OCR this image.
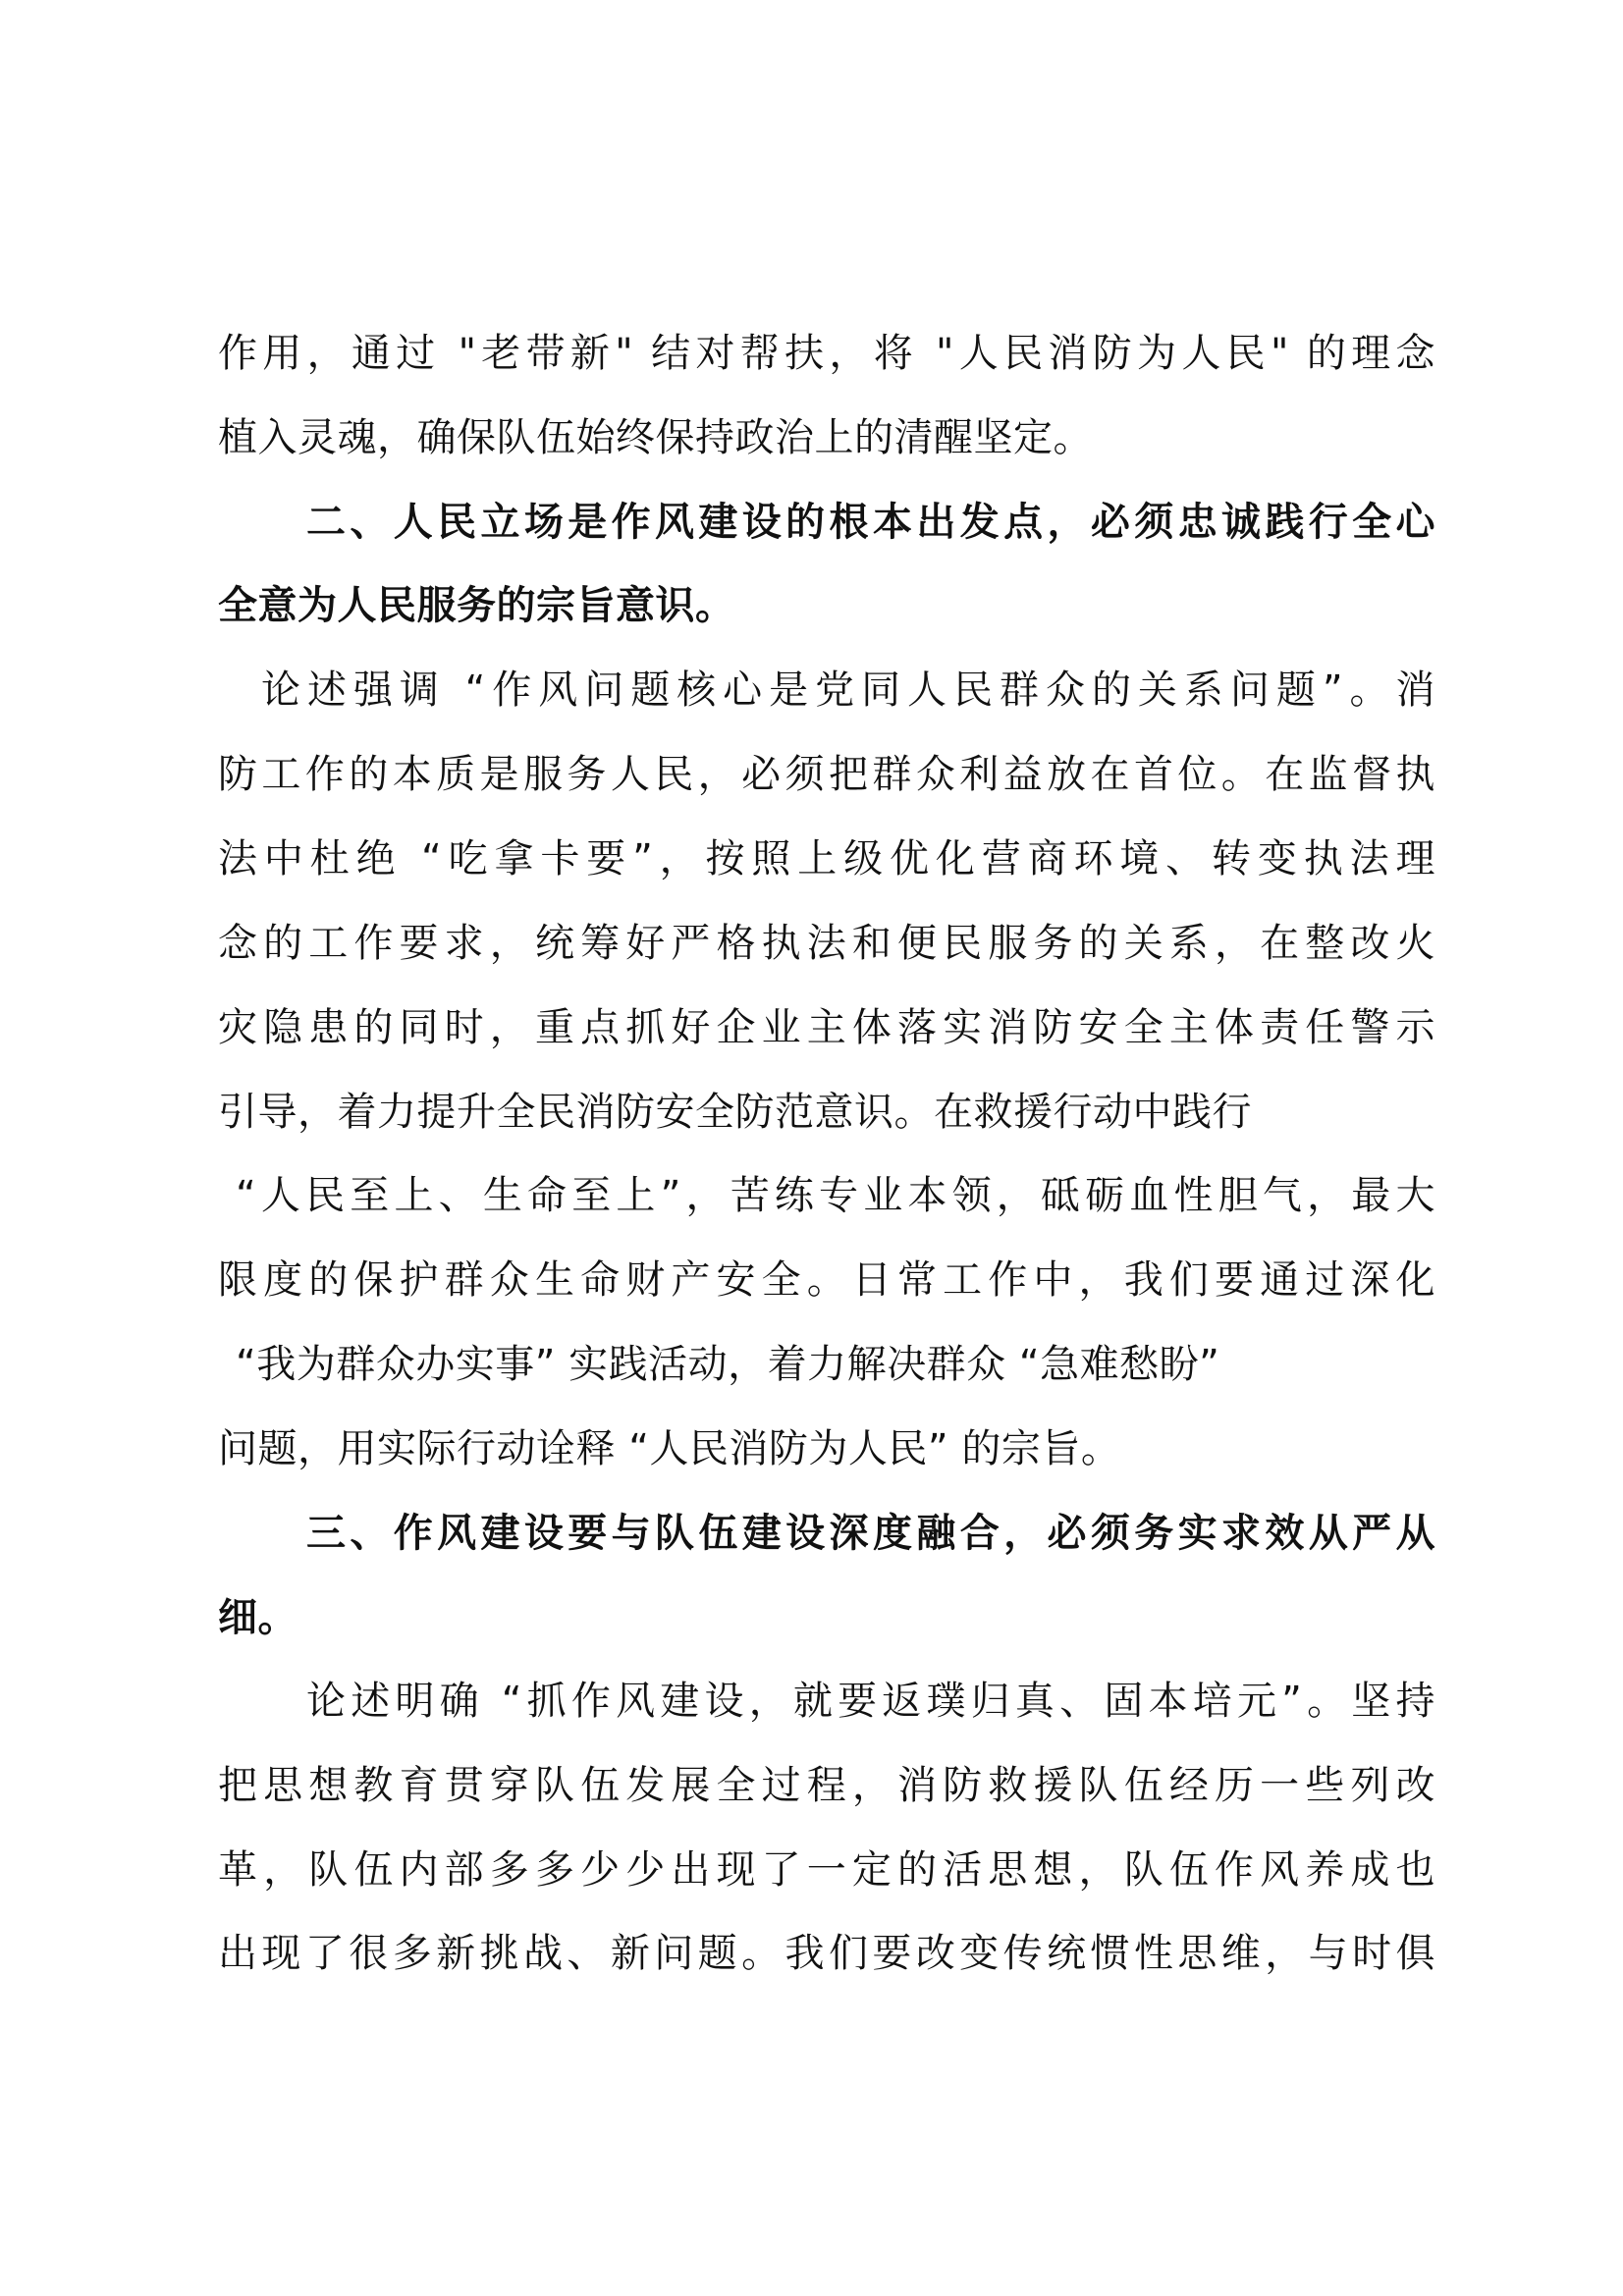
作用，通过 "老带新" 结对帮扶，将 "人民消防为人民" 的理念
植入灵魂，确保队伍始终保持政治上的清醒坚定。
二、人民立场是作风建设的根本出发点，必须忠诚践行全心
全意为人民服务的宗旨意识。
论述强调 “作风问题核心是党同人民群众的关系问题”。消
防工作的本质是服务人民，必须把群众利益放在首位。在监督执
法中杜绝 “吃拿卡要”，按照上级优化营商环境、转变执法理
念的工作要求，统筹好严格执法和便民服务的关系，在整改火
灾隐患的同时，重点抓好企业主体落实消防安全主体责任警示
引导，着力提升全民消防安全防范意识。在救援行动中践行
“人民至上、生命至上”，苦练专业本领，砥砺血性胆气，最大
限度的保护群众生命财产安全。日常工作中，我们要通过深化
“我为群众办实事” 实践活动，着力解决群众 “急难愁盼”
问题，用实际行动诠释 “人民消防为人民” 的宗旨。
三、作风建设要与队伍建设深度融合，必须务实求效从严从
细。
论述明确 “抓作风建设，就要返璞归真、固本培元”。坚持
把思想教育贯穿队伍发展全过程，消防救援队伍经历一些列改
革，队伍内部多多少少出现了一定的活思想，队伍作风养成也
出现了很多新挑战、新问题。我们要改变传统惯性思维，与时俱
